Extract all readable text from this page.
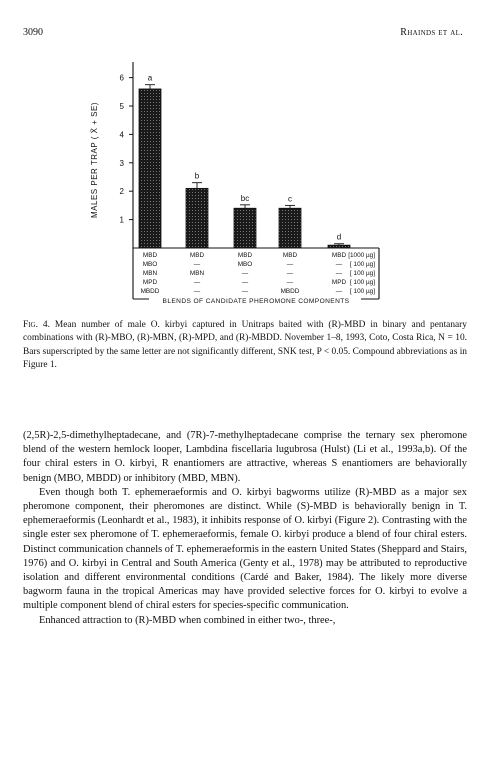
3090	Rhainds et al.
1
2
3
4
5
6
MALES PER TRAP ( X̄ + SE)
BLENDS OF CANDIDATE PHEROMONE COMPONENTS
a
b
bc	c
d
MBD	MBD	MBD	MBD	MBD [1000 µg]
MBO	—	MBO	—	— [ 100 µg]
MBN	MBN	—	—	— [ 100 µg]
MPD	—	—	—	MPD [ 100 µg]
MBDD	—	—	MBDD	— [ 100 µg]

Fig. 4. Mean number of male O. kirbyi captured in Unitraps baited with (R)-MBD in binary and pentanary combinations with (R)-MBO, (R)-MBN, (R)-MPD, and (R)-MBDD. November 1–8, 1993, Coto, Costa Rica, N = 10. Bars superscripted by the same letter are not significantly different, SNK test, P < 0.05. Compound abbreviations as in Figure 1.

(2,5R)-2,5-dimethylheptadecane, and (7R)-7-methylheptadecane comprise the ternary sex pheromone blend of the western hemlock looper, Lambdina fiscellaria lugubrosa (Hulst) (Li et al., 1993a,b). Of the four chiral esters in O. kirbyi, R enantiomers are attractive, whereas S enantiomers are behaviorally benign (MBO, MBDD) or inhibitory (MBD, MBN).

Even though both T. ephemeraeformis and O. kirbyi bagworms utilize (R)-MBD as a major sex pheromone component, their pheromones are distinct. While (S)-MBD is behaviorally benign in T. ephemeraeformis (Leonhardt et al., 1983), it inhibits response of O. kirbyi (Figure 2). Contrasting with the single ester sex pheromone of T. ephemeraeformis, female O. kirbyi produce a blend of four chiral esters. Distinct communication channels of T. ephemeraeformis in the eastern United States (Sheppard and Stairs, 1976) and O. kirbyi in Central and South America (Genty et al., 1978) may be attributed to reproductive isolation and different environmental conditions (Cardé and Baker, 1984). The likely more diverse bagworm fauna in the tropical Americas may have provided selective forces for O. kirbyi to evolve a multiple component blend of chiral esters for species-specific communication.

Enhanced attraction to (R)-MBD when combined in either two-, three-,
